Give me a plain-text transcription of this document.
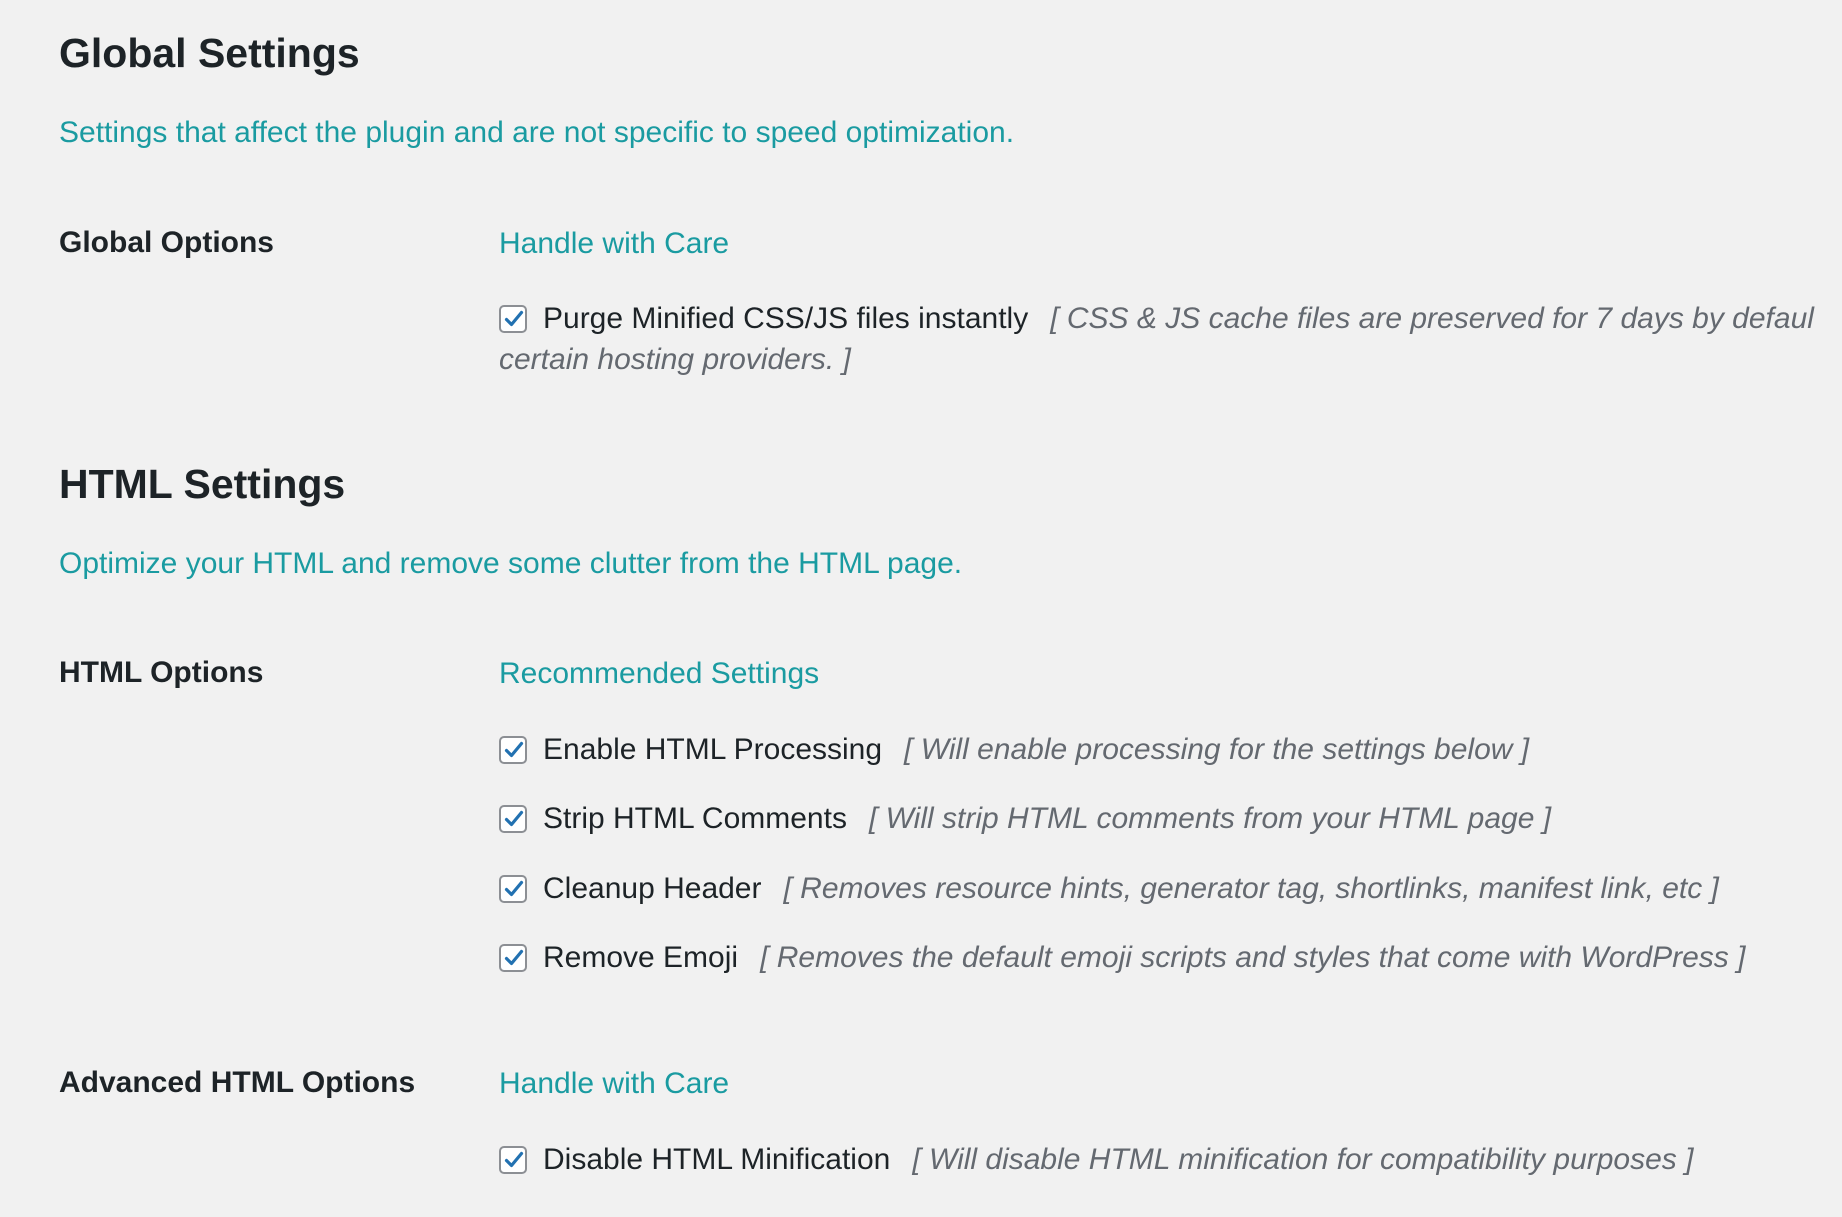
Global Settings

Settings that affect the plugin and are not specific to speed optimization.

Global Options	Handle with Care
Purge Minified CSS/JS files instantly [ CSS & JS cache files are preserved for 7 days by defaul
certain hosting providers. ]
HTML Settings

Optimize your HTML and remove some clutter from the HTML page.

HTML Options	Recommended Settings
Enable HTML Processing [ Will enable processing for the settings below ]
Strip HTML Comments [ Will strip HTML comments from your HTML page ]
Cleanup Header [ Removes resource hints, generator tag, shortlinks, manifest link, etc ]
Remove Emoji [ Removes the default emoji scripts and styles that come with WordPress ]
Advanced HTML Options	Handle with Care
Disable HTML Minification [ Will disable HTML minification for compatibility purposes ]
